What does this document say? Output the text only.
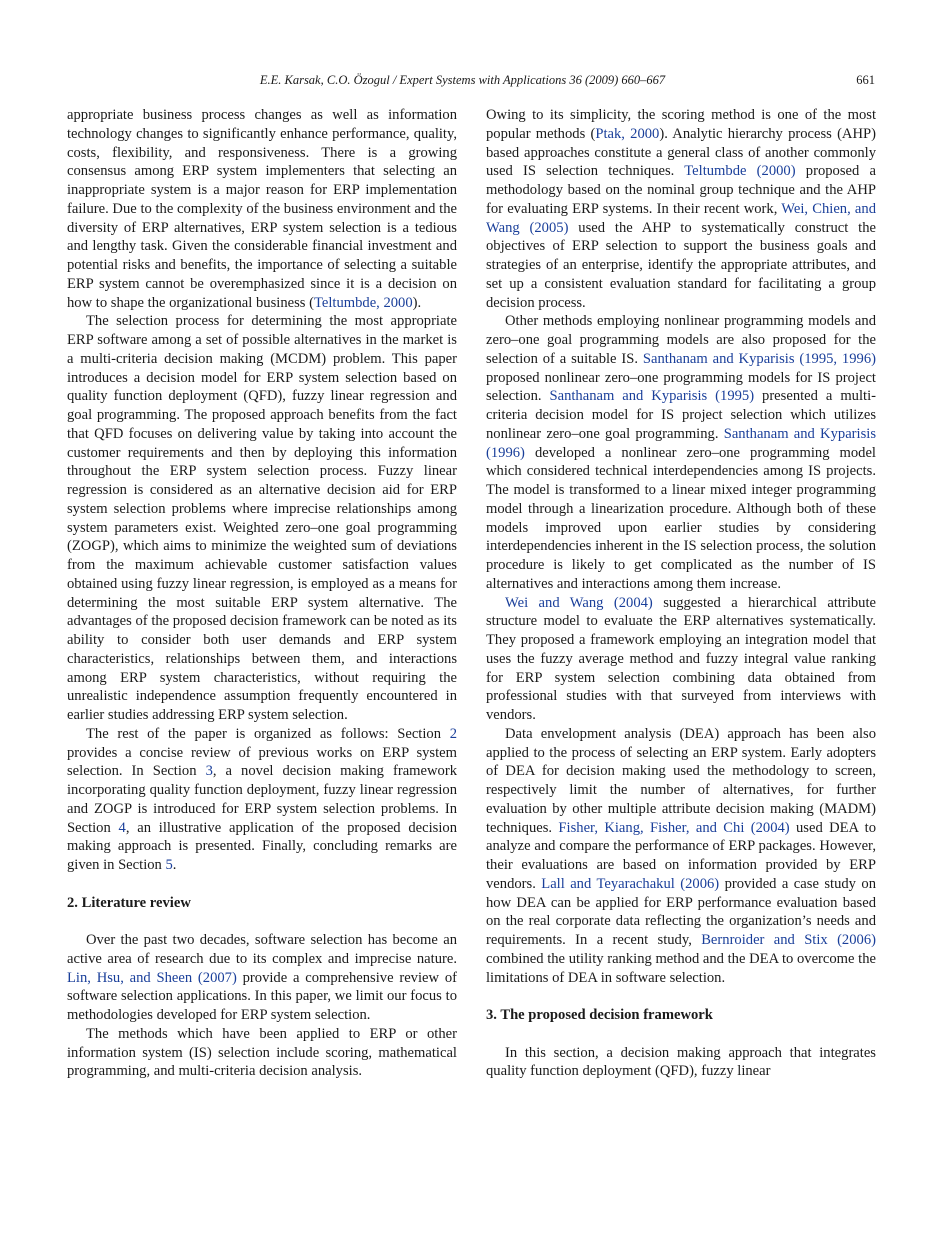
E.E. Karsak, C.O. Özogul / Expert Systems with Applications 36 (2009) 660–667	661

appropriate business process changes as well as information technology changes to significantly enhance performance, quality, costs, flexibility, and responsiveness. There is a growing consensus among ERP system implementers that selecting an inappropriate system is a major reason for ERP implementation failure. Due to the complexity of the business environment and the diversity of ERP alternatives, ERP system selection is a tedious and lengthy task. Given the considerable financial investment and potential risks and benefits, the importance of selecting a suitable ERP system cannot be overemphasized since it is a decision on how to shape the organizational business (Teltumbde, 2000).

The selection process for determining the most appropriate ERP software among a set of possible alternatives in the market is a multi-criteria decision making (MCDM) problem. This paper introduces a decision model for ERP system selection based on quality function deployment (QFD), fuzzy linear regression and goal programming. The proposed approach benefits from the fact that QFD focuses on delivering value by taking into account the customer requirements and then by deploying this information throughout the ERP system selection process. Fuzzy linear regression is considered as an alternative decision aid for ERP system selection problems where imprecise relationships among system parameters exist. Weighted zero–one goal programming (ZOGP), which aims to minimize the weighted sum of deviations from the maximum achievable customer satisfaction values obtained using fuzzy linear regression, is employed as a means for determining the most suitable ERP system alternative. The advantages of the proposed decision framework can be noted as its ability to consider both user demands and ERP system characteristics, relationships between them, and interactions among ERP system characteristics, without requiring the unrealistic independence assumption frequently encountered in earlier studies addressing ERP system selection.

The rest of the paper is organized as follows: Section 2 provides a concise review of previous works on ERP system selection. In Section 3, a novel decision making framework incorporating quality function deployment, fuzzy linear regression and ZOGP is introduced for ERP system selection problems. In Section 4, an illustrative application of the proposed decision making approach is presented. Finally, concluding remarks are given in Section 5.

2. Literature review

Over the past two decades, software selection has become an active area of research due to its complex and imprecise nature. Lin, Hsu, and Sheen (2007) provide a comprehensive review of software selection applications. In this paper, we limit our focus to methodologies developed for ERP system selection.

The methods which have been applied to ERP or other information system (IS) selection include scoring, mathematical programming, and multi-criteria decision analysis.

Owing to its simplicity, the scoring method is one of the most popular methods (Ptak, 2000). Analytic hierarchy process (AHP) based approaches constitute a general class of another commonly used IS selection techniques. Teltumbde (2000) proposed a methodology based on the nominal group technique and the AHP for evaluating ERP systems. In their recent work, Wei, Chien, and Wang (2005) used the AHP to systematically construct the objectives of ERP selection to support the business goals and strategies of an enterprise, identify the appropriate attributes, and set up a consistent evaluation standard for facilitating a group decision process.

Other methods employing nonlinear programming models and zero–one goal programming models are also proposed for the selection of a suitable IS. Santhanam and Kyparisis (1995, 1996) proposed nonlinear zero–one programming models for IS project selection. Santhanam and Kyparisis (1995) presented a multi-criteria decision model for IS project selection which utilizes nonlinear zero–one goal programming. Santhanam and Kyparisis (1996) developed a nonlinear zero–one programming model which considered technical interdependencies among IS projects. The model is transformed to a linear mixed integer programming model through a linearization procedure. Although both of these models improved upon earlier studies by considering interdependencies inherent in the IS selection process, the solution procedure is likely to get complicated as the number of IS alternatives and interactions among them increase.

Wei and Wang (2004) suggested a hierarchical attribute structure model to evaluate the ERP alternatives systematically. They proposed a framework employing an integration model that uses the fuzzy average method and fuzzy integral value ranking for ERP system selection combining data obtained from professional studies with that surveyed from interviews with vendors.

Data envelopment analysis (DEA) approach has been also applied to the process of selecting an ERP system. Early adopters of DEA for decision making used the methodology to screen, respectively limit the number of alternatives, for further evaluation by other multiple attribute decision making (MADM) techniques. Fisher, Kiang, Fisher, and Chi (2004) used DEA to analyze and compare the performance of ERP packages. However, their evaluations are based on information provided by ERP vendors. Lall and Teyarachakul (2006) provided a case study on how DEA can be applied for ERP performance evaluation based on the real corporate data reflecting the organization’s needs and requirements. In a recent study, Bernroider and Stix (2006) combined the utility ranking method and the DEA to overcome the limitations of DEA in software selection.

3. The proposed decision framework

In this section, a decision making approach that integrates quality function deployment (QFD), fuzzy linear
